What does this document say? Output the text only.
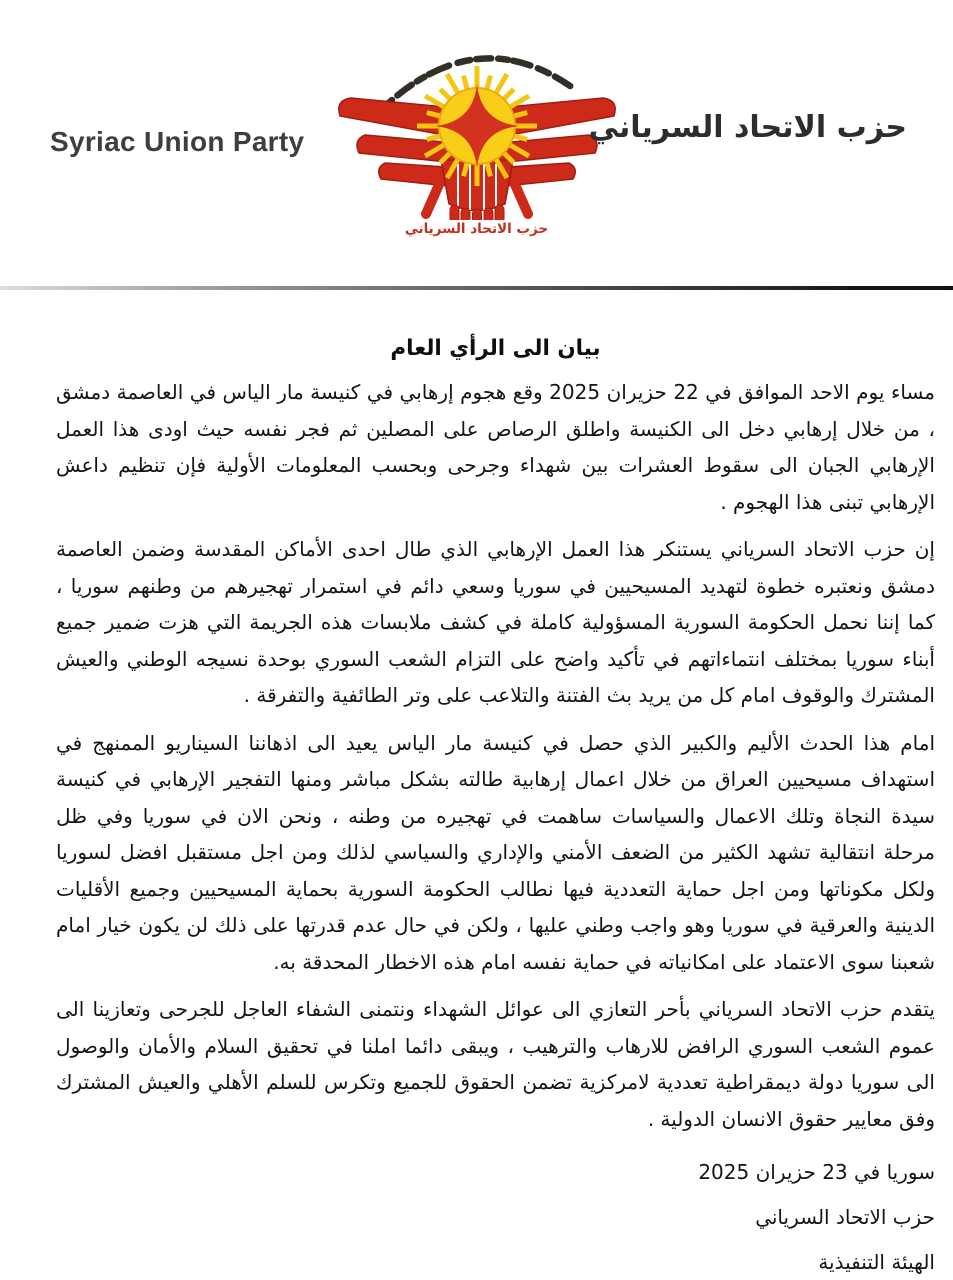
Syriac Union Party
حزب الاتحاد السرياني
حزب الاتحاد السرياني
بيان الى الرأي العام

مساء يوم الاحد الموافق في 22 حزيران 2025 وقع هجوم إرهابي في كنيسة مار الياس في العاصمة دمشق ، من خلال إرهابي دخل الى الكنيسة واطلق الرصاص على المصلين ثم فجر نفسه حيث اودى هذا العمل الإرهابي الجبان الى سقوط العشرات بين شهداء وجرحى وبحسب المعلومات الأولية فإن تنظيم داعش الإرهابي تبنى هذا الهجوم .

إن حزب الاتحاد السرياني يستنكر هذا العمل الإرهابي الذي طال احدى الأماكن المقدسة وضمن العاصمة دمشق ونعتبره خطوة لتهديد المسيحيين في سوريا وسعي دائم في استمرار تهجيرهم من وطنهم سوريا ، كما إننا نحمل الحكومة السورية المسؤولية كاملة في كشف ملابسات هذه الجريمة التي هزت ضمير جميع أبناء سوريا بمختلف انتماءاتهم في تأكيد واضح على التزام الشعب السوري بوحدة نسيجه الوطني والعيش المشترك والوقوف امام كل من يريد بث الفتنة والتلاعب على وتر الطائفية والتفرقة .

امام هذا الحدث الأليم والكبير الذي حصل في كنيسة مار الياس يعيد الى اذهاننا السيناريو الممنهج في استهداف مسيحيين العراق من خلال اعمال إرهابية طالته بشكل مباشر ومنها التفجير الإرهابي في كنيسة سيدة النجاة وتلك الاعمال والسياسات ساهمت في تهجيره من وطنه ، ونحن الان في سوريا وفي ظل مرحلة انتقالية تشهد الكثير من الضعف الأمني والإداري والسياسي لذلك ومن اجل مستقبل افضل لسوريا ولكل مكوناتها ومن اجل حماية التعددية فيها نطالب الحكومة السورية بحماية المسيحيين وجميع الأقليات الدينية والعرقية في سوريا وهو واجب وطني عليها ، ولكن في حال عدم قدرتها على ذلك لن يكون خيار امام شعبنا سوى الاعتماد على امكانياته في حماية نفسه امام هذه الاخطار المحدقة به.

يتقدم حزب الاتحاد السرياني بأحر التعازي الى عوائل الشهداء ونتمنى الشفاء العاجل للجرحى وتعازينا الى عموم الشعب السوري الرافض للارهاب والترهيب ، ويبقى دائما املنا في تحقيق السلام والأمان والوصول الى سوريا دولة ديمقراطية تعددية لامركزية تضمن الحقوق للجميع وتكرس للسلم الأهلي والعيش المشترك وفق معايير حقوق الانسان الدولية .

سوريا في 23 حزيران 2025
حزب الاتحاد السرياني
الهيئة التنفيذية
